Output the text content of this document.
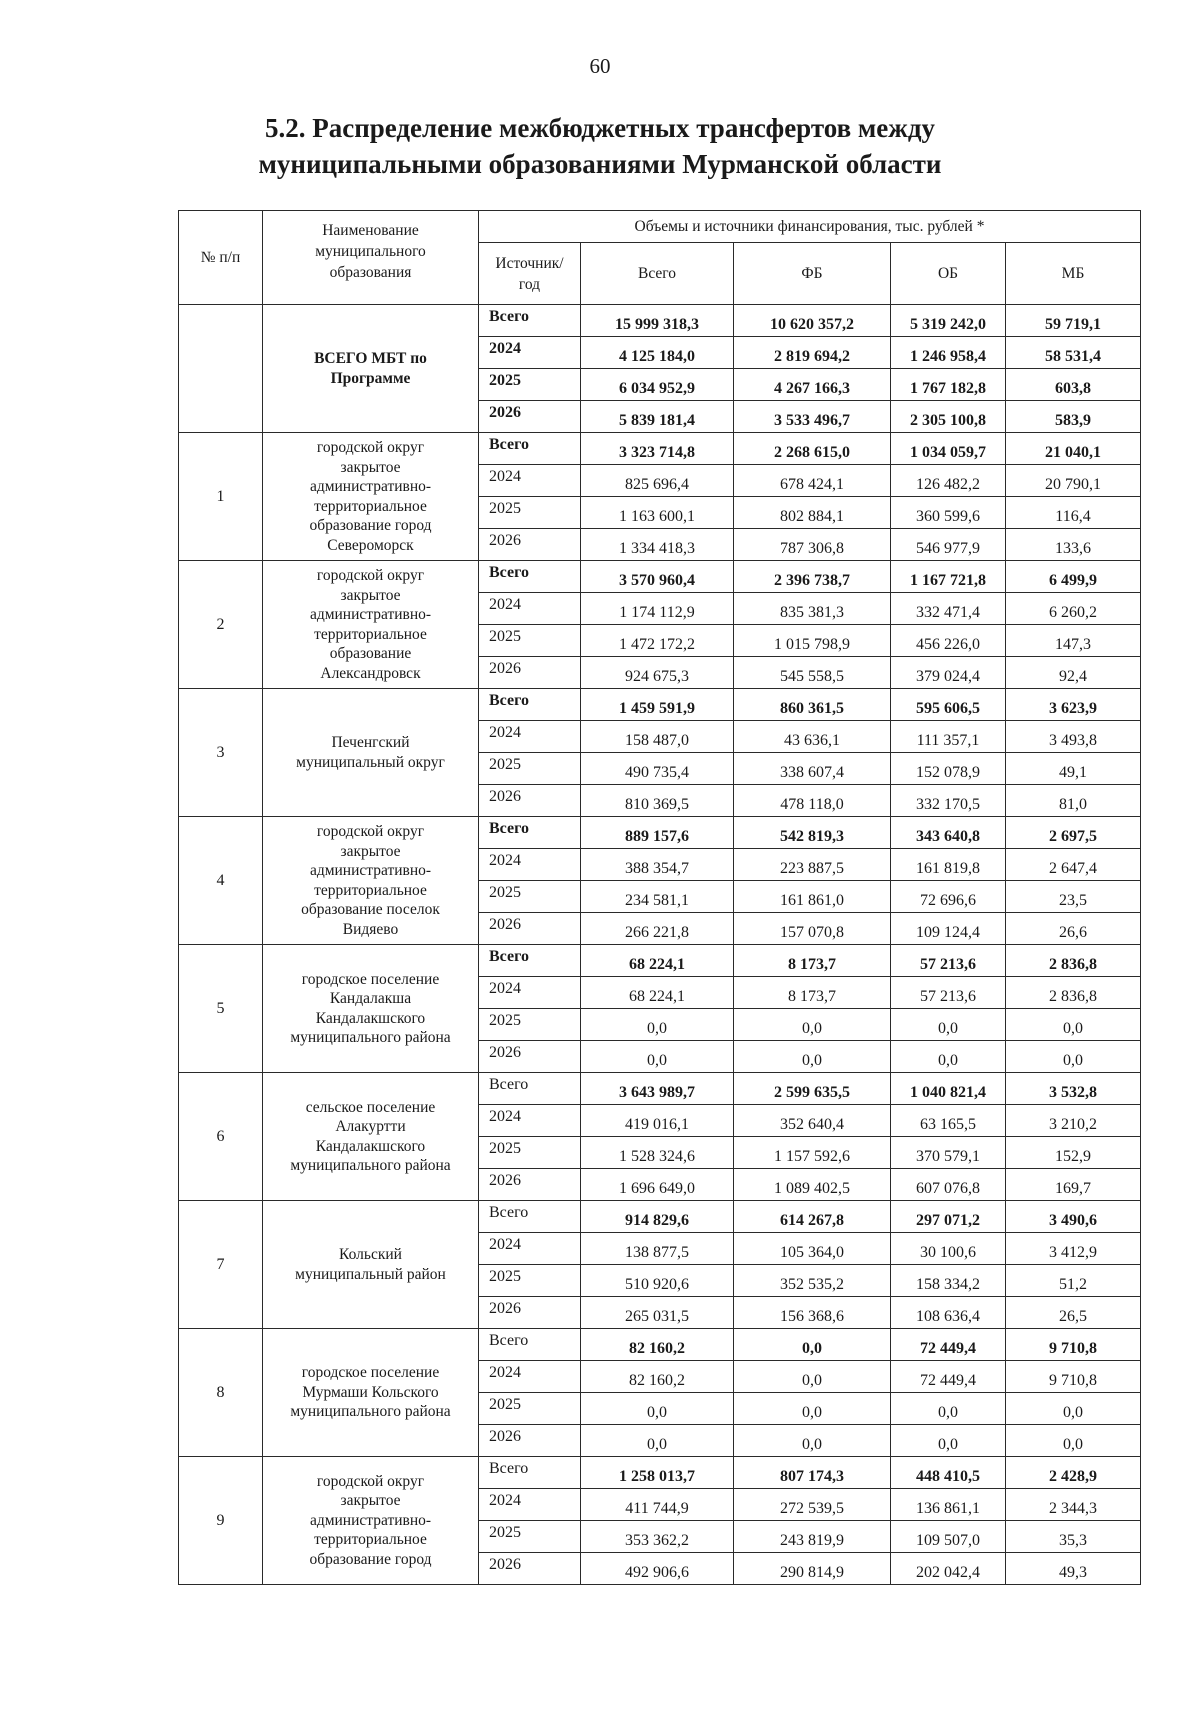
60
5.2. Распределение межбюджетных трансфертов между
муниципальными образованиями Мурманской области
№ п/п	Наименование
муниципального
образования	Объемы и источники финансирования, тыс. рублей *				
		Источник/
год	Всего	ФБ	ОБ	МБ
	ВСЕГО МБТ по
Программе	Всего	15 999 318,3	10 620 357,2	5 319 242,0	59 719,1
		2024	4 125 184,0	2 819 694,2	1 246 958,4	58 531,4
		2025	6 034 952,9	4 267 166,3	1 767 182,8	603,8
		2026	5 839 181,4	3 533 496,7	2 305 100,8	583,9
1	городской округ
закрытое
административно-территориальное
образование город
Североморск	Всего	3 323 714,8	2 268 615,0	1 034 059,7	21 040,1
		2024	825 696,4	678 424,1	126 482,2	20 790,1
		2025	1 163 600,1	802 884,1	360 599,6	116,4
		2026	1 334 418,3	787 306,8	546 977,9	133,6
2	городской округ
закрытое
административно-территориальное
образование
Александровск	Всего	3 570 960,4	2 396 738,7	1 167 721,8	6 499,9
		2024	1 174 112,9	835 381,3	332 471,4	6 260,2
		2025	1 472 172,2	1 015 798,9	456 226,0	147,3
		2026	924 675,3	545 558,5	379 024,4	92,4
3	Печенгский
муниципальный округ	Всего	1 459 591,9	860 361,5	595 606,5	3 623,9
		2024	158 487,0	43 636,1	111 357,1	3 493,8
		2025	490 735,4	338 607,4	152 078,9	49,1
		2026	810 369,5	478 118,0	332 170,5	81,0
4	городской округ
закрытое
административно-территориальное
образование поселок
Видяево	Всего	889 157,6	542 819,3	343 640,8	2 697,5
		2024	388 354,7	223 887,5	161 819,8	2 647,4
		2025	234 581,1	161 861,0	72 696,6	23,5
		2026	266 221,8	157 070,8	109 124,4	26,6
5	городское поселение
Кандалакша
Кандалакшского
муниципального района	Всего	68 224,1	8 173,7	57 213,6	2 836,8
		2024	68 224,1	8 173,7	57 213,6	2 836,8
		2025	0,0	0,0	0,0	0,0
		2026	0,0	0,0	0,0	0,0
6	сельское поселение
Алакуртти
Кандалакшского
муниципального района	Всего	3 643 989,7	2 599 635,5	1 040 821,4	3 532,8
		2024	419 016,1	352 640,4	63 165,5	3 210,2
		2025	1 528 324,6	1 157 592,6	370 579,1	152,9
		2026	1 696 649,0	1 089 402,5	607 076,8	169,7
7	Кольский
муниципальный район	Всего	914 829,6	614 267,8	297 071,2	3 490,6
		2024	138 877,5	105 364,0	30 100,6	3 412,9
		2025	510 920,6	352 535,2	158 334,2	51,2
		2026	265 031,5	156 368,6	108 636,4	26,5
8	городское поселение
Мурмаши Кольского
муниципального района	Всего	82 160,2	0,0	72 449,4	9 710,8
		2024	82 160,2	0,0	72 449,4	9 710,8
		2025	0,0	0,0	0,0	0,0
		2026	0,0	0,0	0,0	0,0
9	городской округ
закрытое
административно-территориальное
образование город	Всего	1 258 013,7	807 174,3	448 410,5	2 428,9
		2024	411 744,9	272 539,5	136 861,1	2 344,3
		2025	353 362,2	243 819,9	109 507,0	35,3
		2026	492 906,6	290 814,9	202 042,4	49,3
